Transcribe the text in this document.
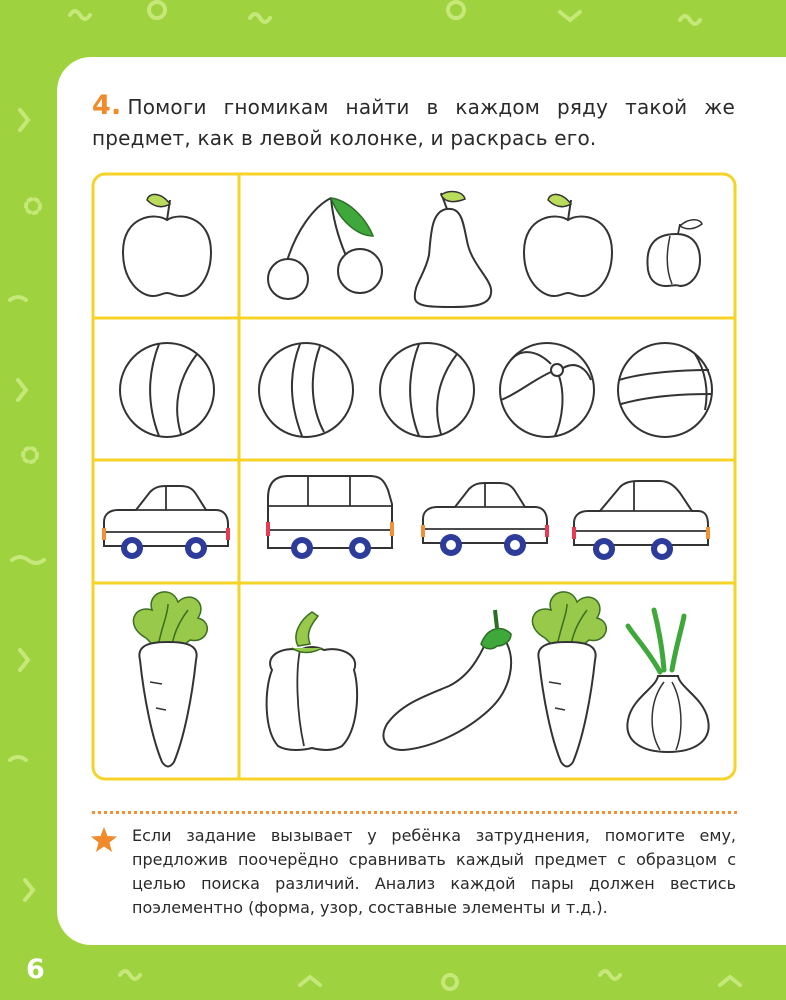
4. Помоги гномикам найти в каждом ряду такой же предмет, как в левой колонке, и раскрась его.

Если задание вызывает у ребёнка затруднения, помогите ему, предложив поочерёдно сравнивать каждый предмет с образцом с целью поиска различий. Анализ каждой пары должен вестись поэлементно (форма, узор, составные элементы и т.д.).

6
